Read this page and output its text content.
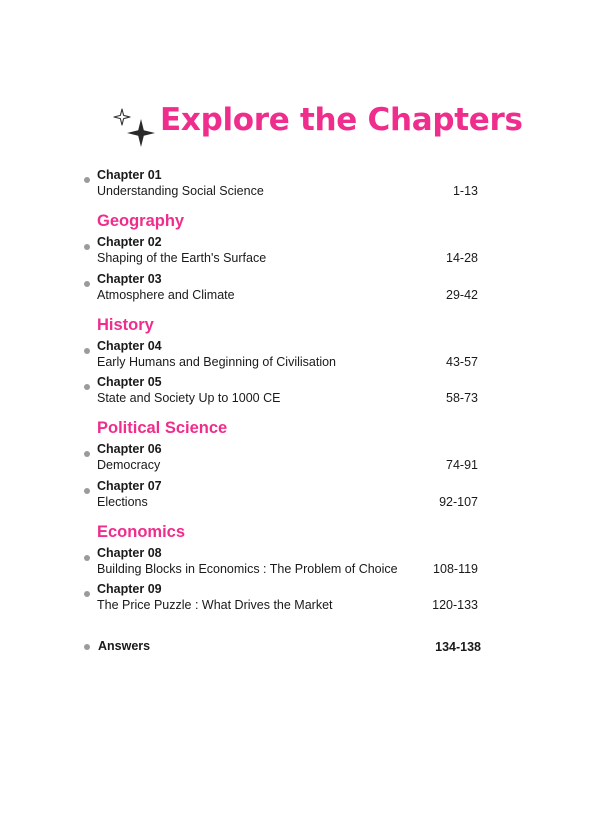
Explore the Chapters
Chapter 01
Understanding Social Science	1-13
Geography
Chapter 02
Shaping of the Earth's Surface	14-28
Chapter 03
Atmosphere and Climate	29-42
History
Chapter 04
Early Humans and Beginning of Civilisation	43-57
Chapter 05
State and Society Up to 1000 CE	58-73
Political Science
Chapter 06
Democracy	74-91
Chapter 07
Elections	92-107
Economics
Chapter 08
Building Blocks in Economics : The Problem of Choice	108-119
Chapter 09
The Price Puzzle : What Drives the Market	120-133
Answers	134-138
